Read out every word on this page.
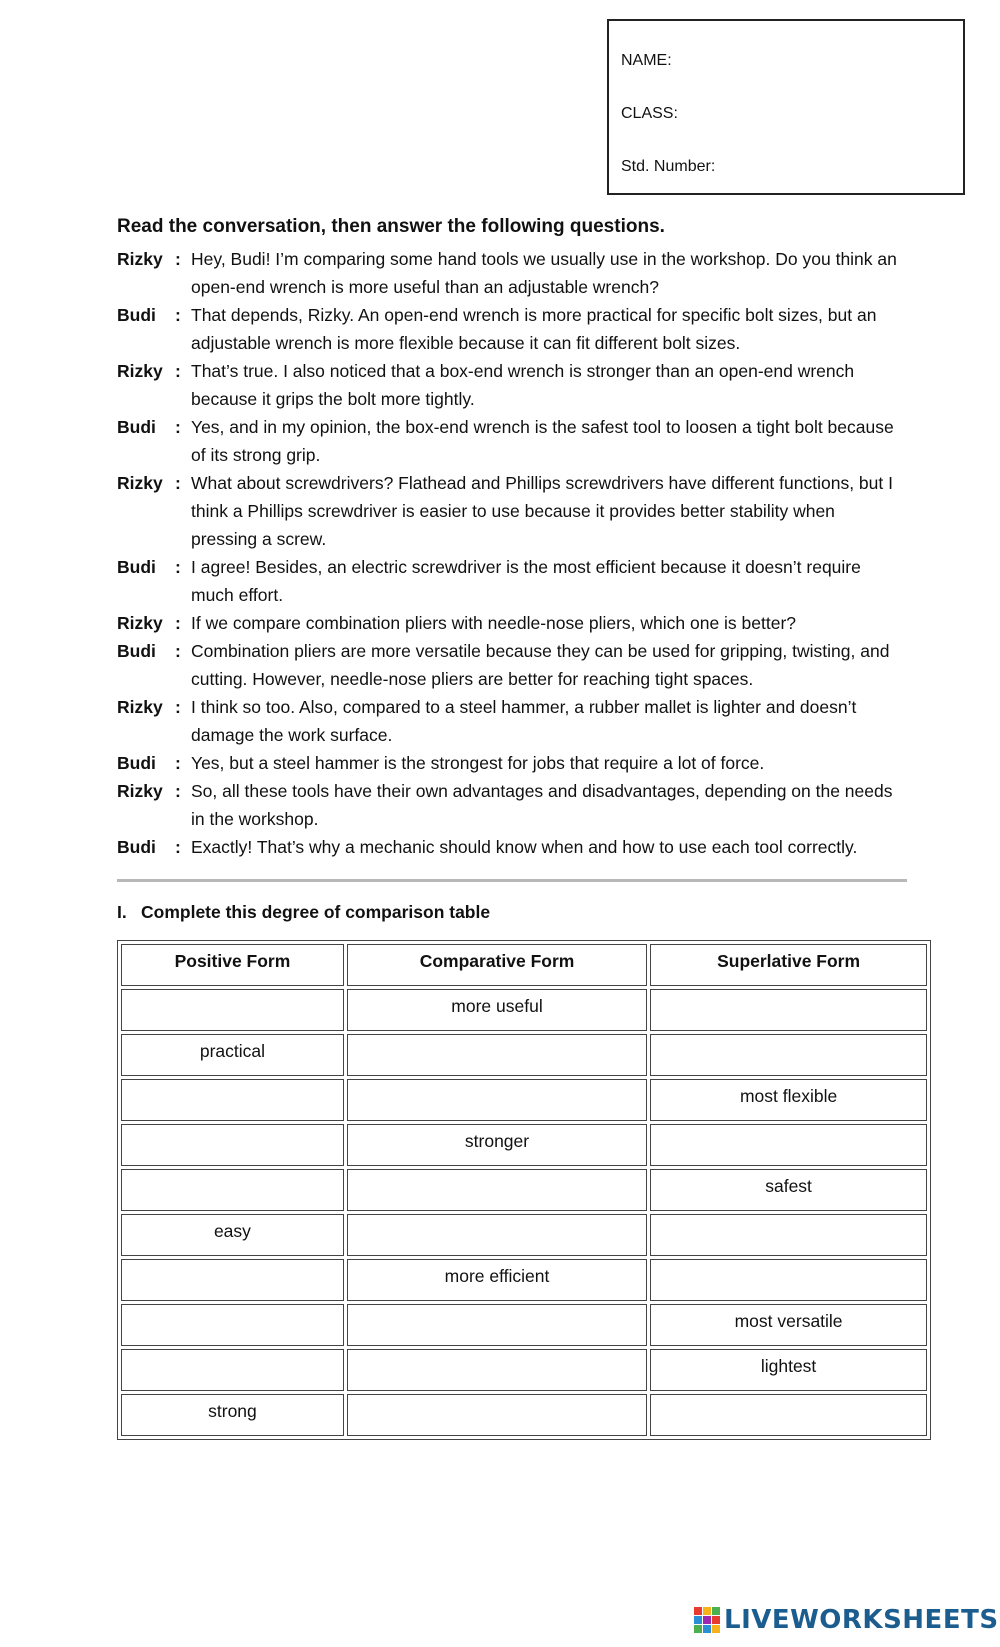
NAME:
CLASS:
Std. Number:
Read the conversation, then answer the following questions.
Rizky : Hey, Budi! I’m comparing some hand tools we usually use in the workshop. Do you think an open-end wrench is more useful than an adjustable wrench?
Budi	: That depends, Rizky. An open-end wrench is more practical for specific bolt sizes, but an adjustable wrench is more flexible because it can fit different bolt sizes.
Rizky : That’s true. I also noticed that a box-end wrench is stronger than an open-end wrench because it grips the bolt more tightly.
Budi	: Yes, and in my opinion, the box-end wrench is the safest tool to loosen a tight bolt because of its strong grip.
Rizky : What about screwdrivers? Flathead and Phillips screwdrivers have different functions, but I think a Phillips screwdriver is easier to use because it provides better stability when pressing a screw.
Budi	: I agree! Besides, an electric screwdriver is the most efficient because it doesn’t require much effort.
Rizky : If we compare combination pliers with needle-nose pliers, which one is better?
Budi	: Combination pliers are more versatile because they can be used for gripping, twisting, and cutting. However, needle-nose pliers are better for reaching tight spaces.
Rizky : I think so too. Also, compared to a steel hammer, a rubber mallet is lighter and doesn’t damage the work surface.
Budi	: Yes, but a steel hammer is the strongest for jobs that require a lot of force.
Rizky : So, all these tools have their own advantages and disadvantages, depending on the needs in the workshop.
Budi	: Exactly! That’s why a mechanic should know when and how to use each tool correctly.
I. Complete this degree of comparison table
Positive Form	Comparative Form	Superlative Form
	more useful	
practical		
		most flexible
	stronger	
		safest
easy		
	more efficient	
		most versatile
		lightest
strong		
LIVEWORKSHEETS
